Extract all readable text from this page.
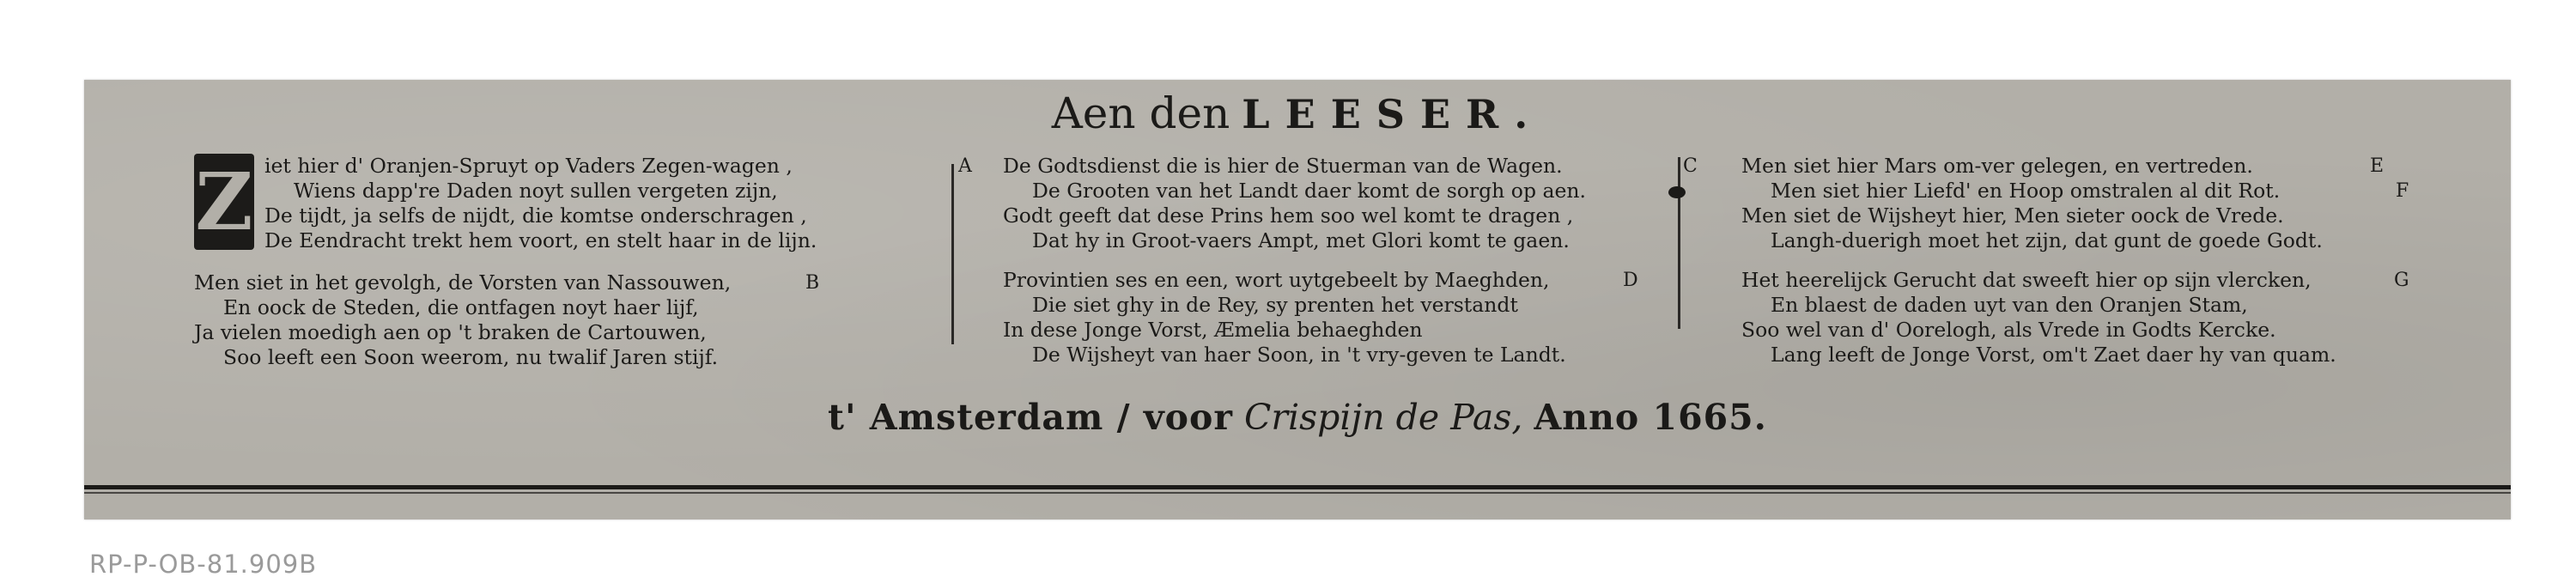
Aen den LEESER.
Z iet hier d' Oranjen-Spruyt op Vaders Zegen-wagen ,	A
Wiens dapp're Daden noyt sullen vergeten zijn,
De tijdt, ja selfs de nijdt, die komtse onderschragen ,
De Eendracht trekt hem voort, en stelt haar in de lijn.
Men siet in het gevolgh, de Vorsten van Nassouwen,	B
En oock de Steden, die ontfagen noyt haer lijf,
Ja vielen moedigh aen op 't braken de Cartouwen,
Soo leeft een Soon weerom, nu twalif Jaren stijf.
De Godtsdienst die is hier de Stuerman van de Wagen.	C
De Grooten van het Landt daer komt de sorgh op aen.
Godt geeft dat dese Prins hem soo wel komt te dragen ,
Dat hy in Groot-vaers Ampt, met Glori komt te gaen.
Provintien ses en een, wort uytgebeelt by Maeghden,	D
Die siet ghy in de Rey, sy prenten het verstandt
In dese Jonge Vorst, Æmelia behaeghden
De Wijsheyt van haer Soon, in 't vry-geven te Landt.
Men siet hier Mars om-ver gelegen, en vertreden.	E
Men siet hier Liefd' en Hoop omstralen al dit Rot.	F
Men siet de Wijsheyt hier, Men sieter oock de Vrede.
Langh-duerigh moet het zijn, dat gunt de goede Godt.
Het heerelijck Gerucht dat sweeft hier op sijn vlercken,	G
En blaest de daden uyt van den Oranjen Stam,
Soo wel van d' Oorelogh, als Vrede in Godts Kercke.
Lang leeft de Jonge Vorst, om't Zaet daer hy van quam.
t' Amsterdam / voor Crispijn de Pas, Anno 1665.
RP-P-OB-81.909B
